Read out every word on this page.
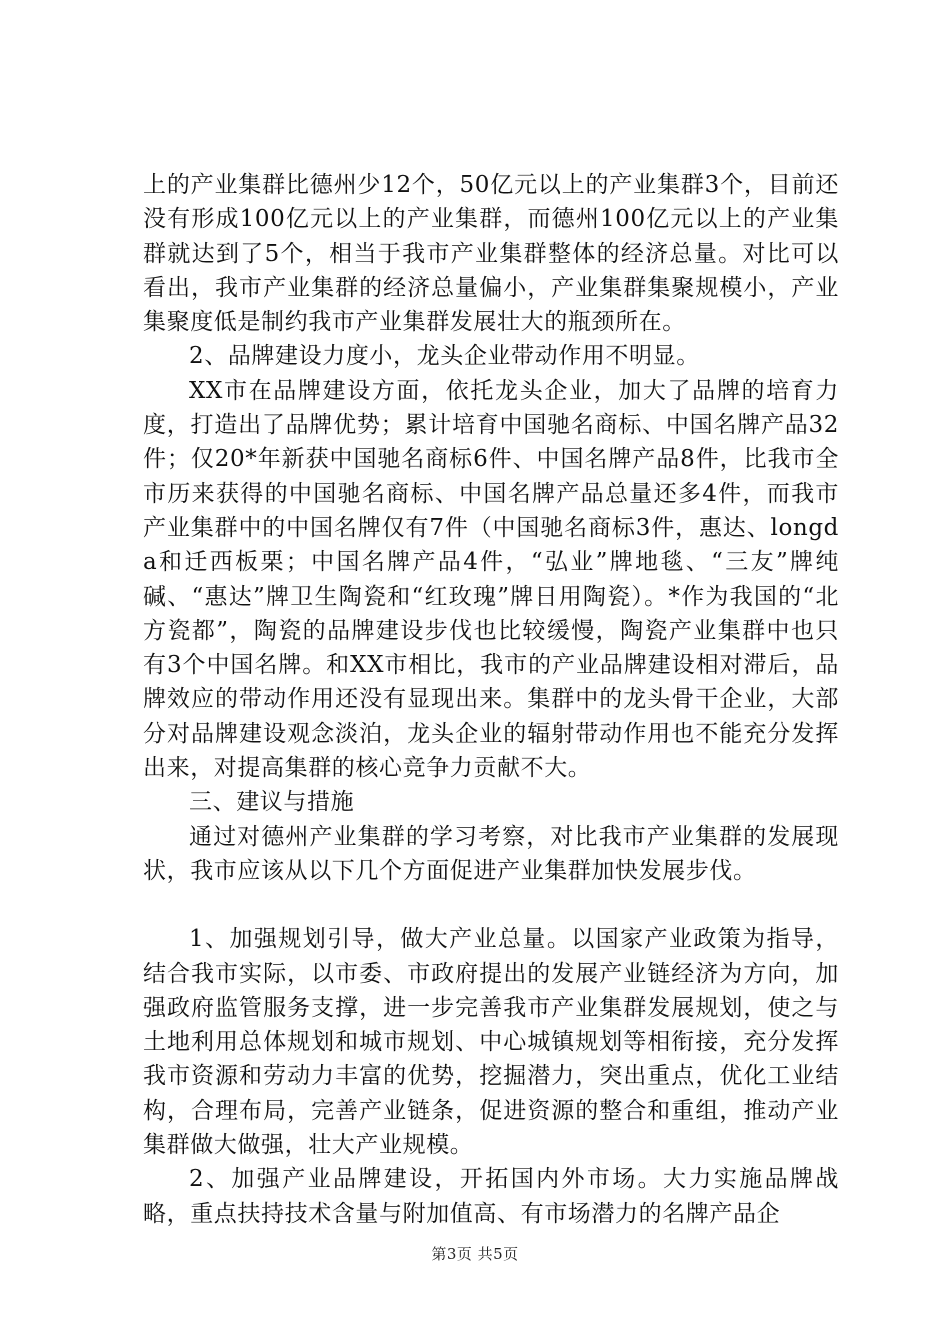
上的产业集群比德州少12个，50亿元以上的产业集群3个，目前还没有形成100亿元以上的产业集群，而德州100亿元以上的产业集群就达到了5个，相当于我市产业集群整体的经济总量。对比可以看出，我市产业集群的经济总量偏小，产业集群集聚规模小，产业集聚度低是制约我市产业集群发展壮大的瓶颈所在。

2、品牌建设力度小，龙头企业带动作用不明显。

XX市在品牌建设方面，依托龙头企业，加大了品牌的培育力度，打造出了品牌优势；累计培育中国驰名商标、中国名牌产品32件；仅20*年新获中国驰名商标6件、中国名牌产品8件，比我市全市历来获得的中国驰名商标、中国名牌产品总量还多4件，而我市产业集群中的中国名牌仅有7件（中国驰名商标3件，惠达、longda和迁西板栗；中国名牌产品4件，“弘业”牌地毯、“三友”牌纯碱、“惠达”牌卫生陶瓷和“红玫瑰”牌日用陶瓷）。*作为我国的“北方瓷都”，陶瓷的品牌建设步伐也比较缓慢，陶瓷产业集群中也只有3个中国名牌。和XX市相比，我市的产业品牌建设相对滞后，品牌效应的带动作用还没有显现出来。集群中的龙头骨干企业，大部分对品牌建设观念淡泊，龙头企业的辐射带动作用也不能充分发挥出来，对提高集群的核心竞争力贡献不大。

三、建议与措施

通过对德州产业集群的学习考察，对比我市产业集群的发展现状，我市应该从以下几个方面促进产业集群加快发展步伐。

1、加强规划引导，做大产业总量。以国家产业政策为指导，结合我市实际，以市委、市政府提出的发展产业链经济为方向，加强政府监管服务支撑，进一步完善我市产业集群发展规划，使之与土地利用总体规划和城市规划、中心城镇规划等相衔接，充分发挥我市资源和劳动力丰富的优势，挖掘潜力，突出重点，优化工业结构，合理布局，完善产业链条，促进资源的整合和重组，推动产业集群做大做强，壮大产业规模。

2、加强产业品牌建设，开拓国内外市场。大力实施品牌战略，重点扶持技术含量与附加值高、有市场潜力的名牌产品企

第3页 共5页
